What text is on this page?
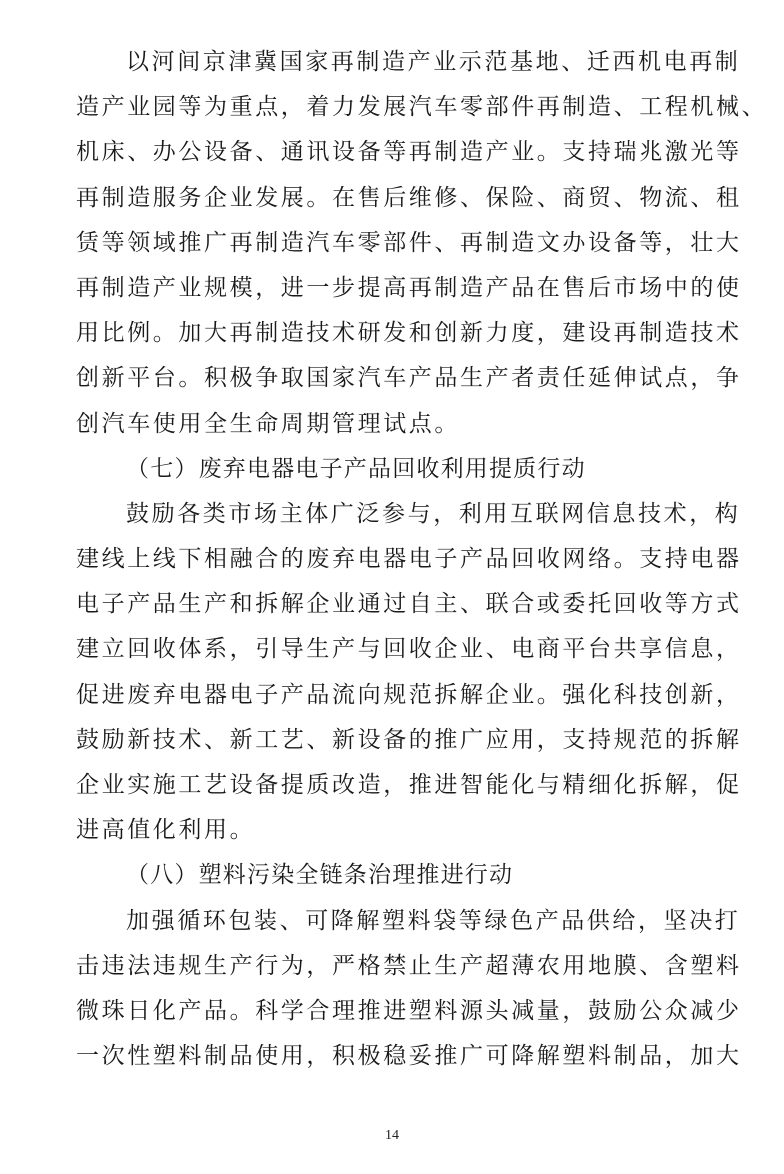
以河间京津冀国家再制造产业示范基地、迁西机电再制
造产业园等为重点，着力发展汽车零部件再制造、工程机械、
机床、办公设备、通讯设备等再制造产业。支持瑞兆激光等
再制造服务企业发展。在售后维修、保险、商贸、物流、租
赁等领域推广再制造汽车零部件、再制造文办设备等，壮大
再制造产业规模，进一步提高再制造产品在售后市场中的使
用比例。加大再制造技术研发和创新力度，建设再制造技术
创新平台。积极争取国家汽车产品生产者责任延伸试点，争
创汽车使用全生命周期管理试点。
（七）废弃电器电子产品回收利用提质行动
鼓励各类市场主体广泛参与，利用互联网信息技术，构
建线上线下相融合的废弃电器电子产品回收网络。支持电器
电子产品生产和拆解企业通过自主、联合或委托回收等方式
建立回收体系，引导生产与回收企业、电商平台共享信息，
促进废弃电器电子产品流向规范拆解企业。强化科技创新，
鼓励新技术、新工艺、新设备的推广应用，支持规范的拆解
企业实施工艺设备提质改造，推进智能化与精细化拆解，促
进高值化利用。
（八）塑料污染全链条治理推进行动
加强循环包装、可降解塑料袋等绿色产品供给，坚决打
击违法违规生产行为，严格禁止生产超薄农用地膜、含塑料
微珠日化产品。科学合理推进塑料源头减量，鼓励公众减少
一次性塑料制品使用，积极稳妥推广可降解塑料制品，加大
14
